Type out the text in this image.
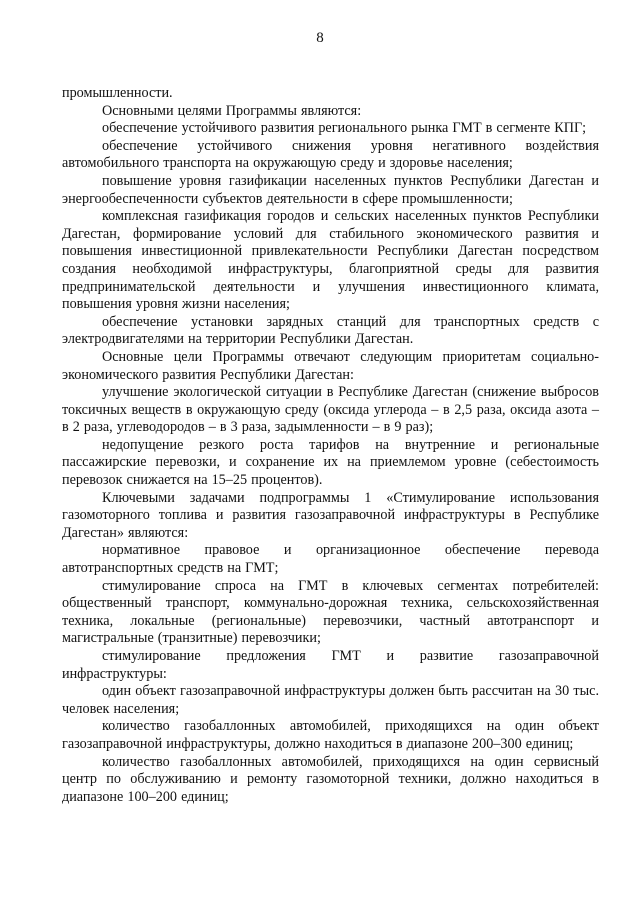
8

промышленности.

Основными целями Программы являются:

обеспечение устойчивого развития регионального рынка ГМТ в сегменте КПГ;

обеспечение устойчивого снижения уровня негативного воздействия автомобильного транспорта на окружающую среду и здоровье населения;

повышение уровня газификации населенных пунктов Республики Дагестан и энергообеспеченности субъектов деятельности в сфере промышленности;

комплексная газификация городов и сельских населенных пунктов Республики Дагестан, формирование условий для стабильного экономического развития и повышения инвестиционной привлекательности Республики Дагестан посредством создания необходимой инфраструктуры, благоприятной среды для развития предпринимательской деятельности и улучшения инвестиционного климата, повышения уровня жизни населения;

обеспечение установки зарядных станций для транспортных средств с электродвигателями на территории Республики Дагестан.

Основные цели Программы отвечают следующим приоритетам социально-экономического развития Республики Дагестан:

улучшение экологической ситуации в Республике Дагестан (снижение выбросов токсичных веществ в окружающую среду (оксида углерода – в 2,5 раза, оксида азота – в 2 раза, углеводородов – в 3 раза, задымленности – в 9 раз);

недопущение резкого роста тарифов на внутренние и региональные пассажирские перевозки, и сохранение их на приемлемом уровне (себестоимость перевозок снижается на 15–25 процентов).

Ключевыми задачами подпрограммы 1 «Стимулирование использования газомоторного топлива и развития газозаправочной инфраструктуры в Республике Дагестан» являются:

нормативное правовое и организационное обеспечение перевода автотранспортных средств на ГМТ;

стимулирование спроса на ГМТ в ключевых сегментах потребителей: общественный транспорт, коммунально-дорожная техника, сельскохозяйственная техника, локальные (региональные) перевозчики, частный автотранспорт и магистральные (транзитные) перевозчики;

стимулирование предложения ГМТ и развитие газозаправочной инфраструктуры:

один объект газозаправочной инфраструктуры должен быть рассчитан на 30 тыс. человек населения;

количество газобаллонных автомобилей, приходящихся на один объект газозаправочной инфраструктуры, должно находиться в диапазоне 200–300 единиц;

количество газобаллонных автомобилей, приходящихся на один сервисный центр по обслуживанию и ремонту газомоторной техники, должно находиться в диапазоне 100–200 единиц;
